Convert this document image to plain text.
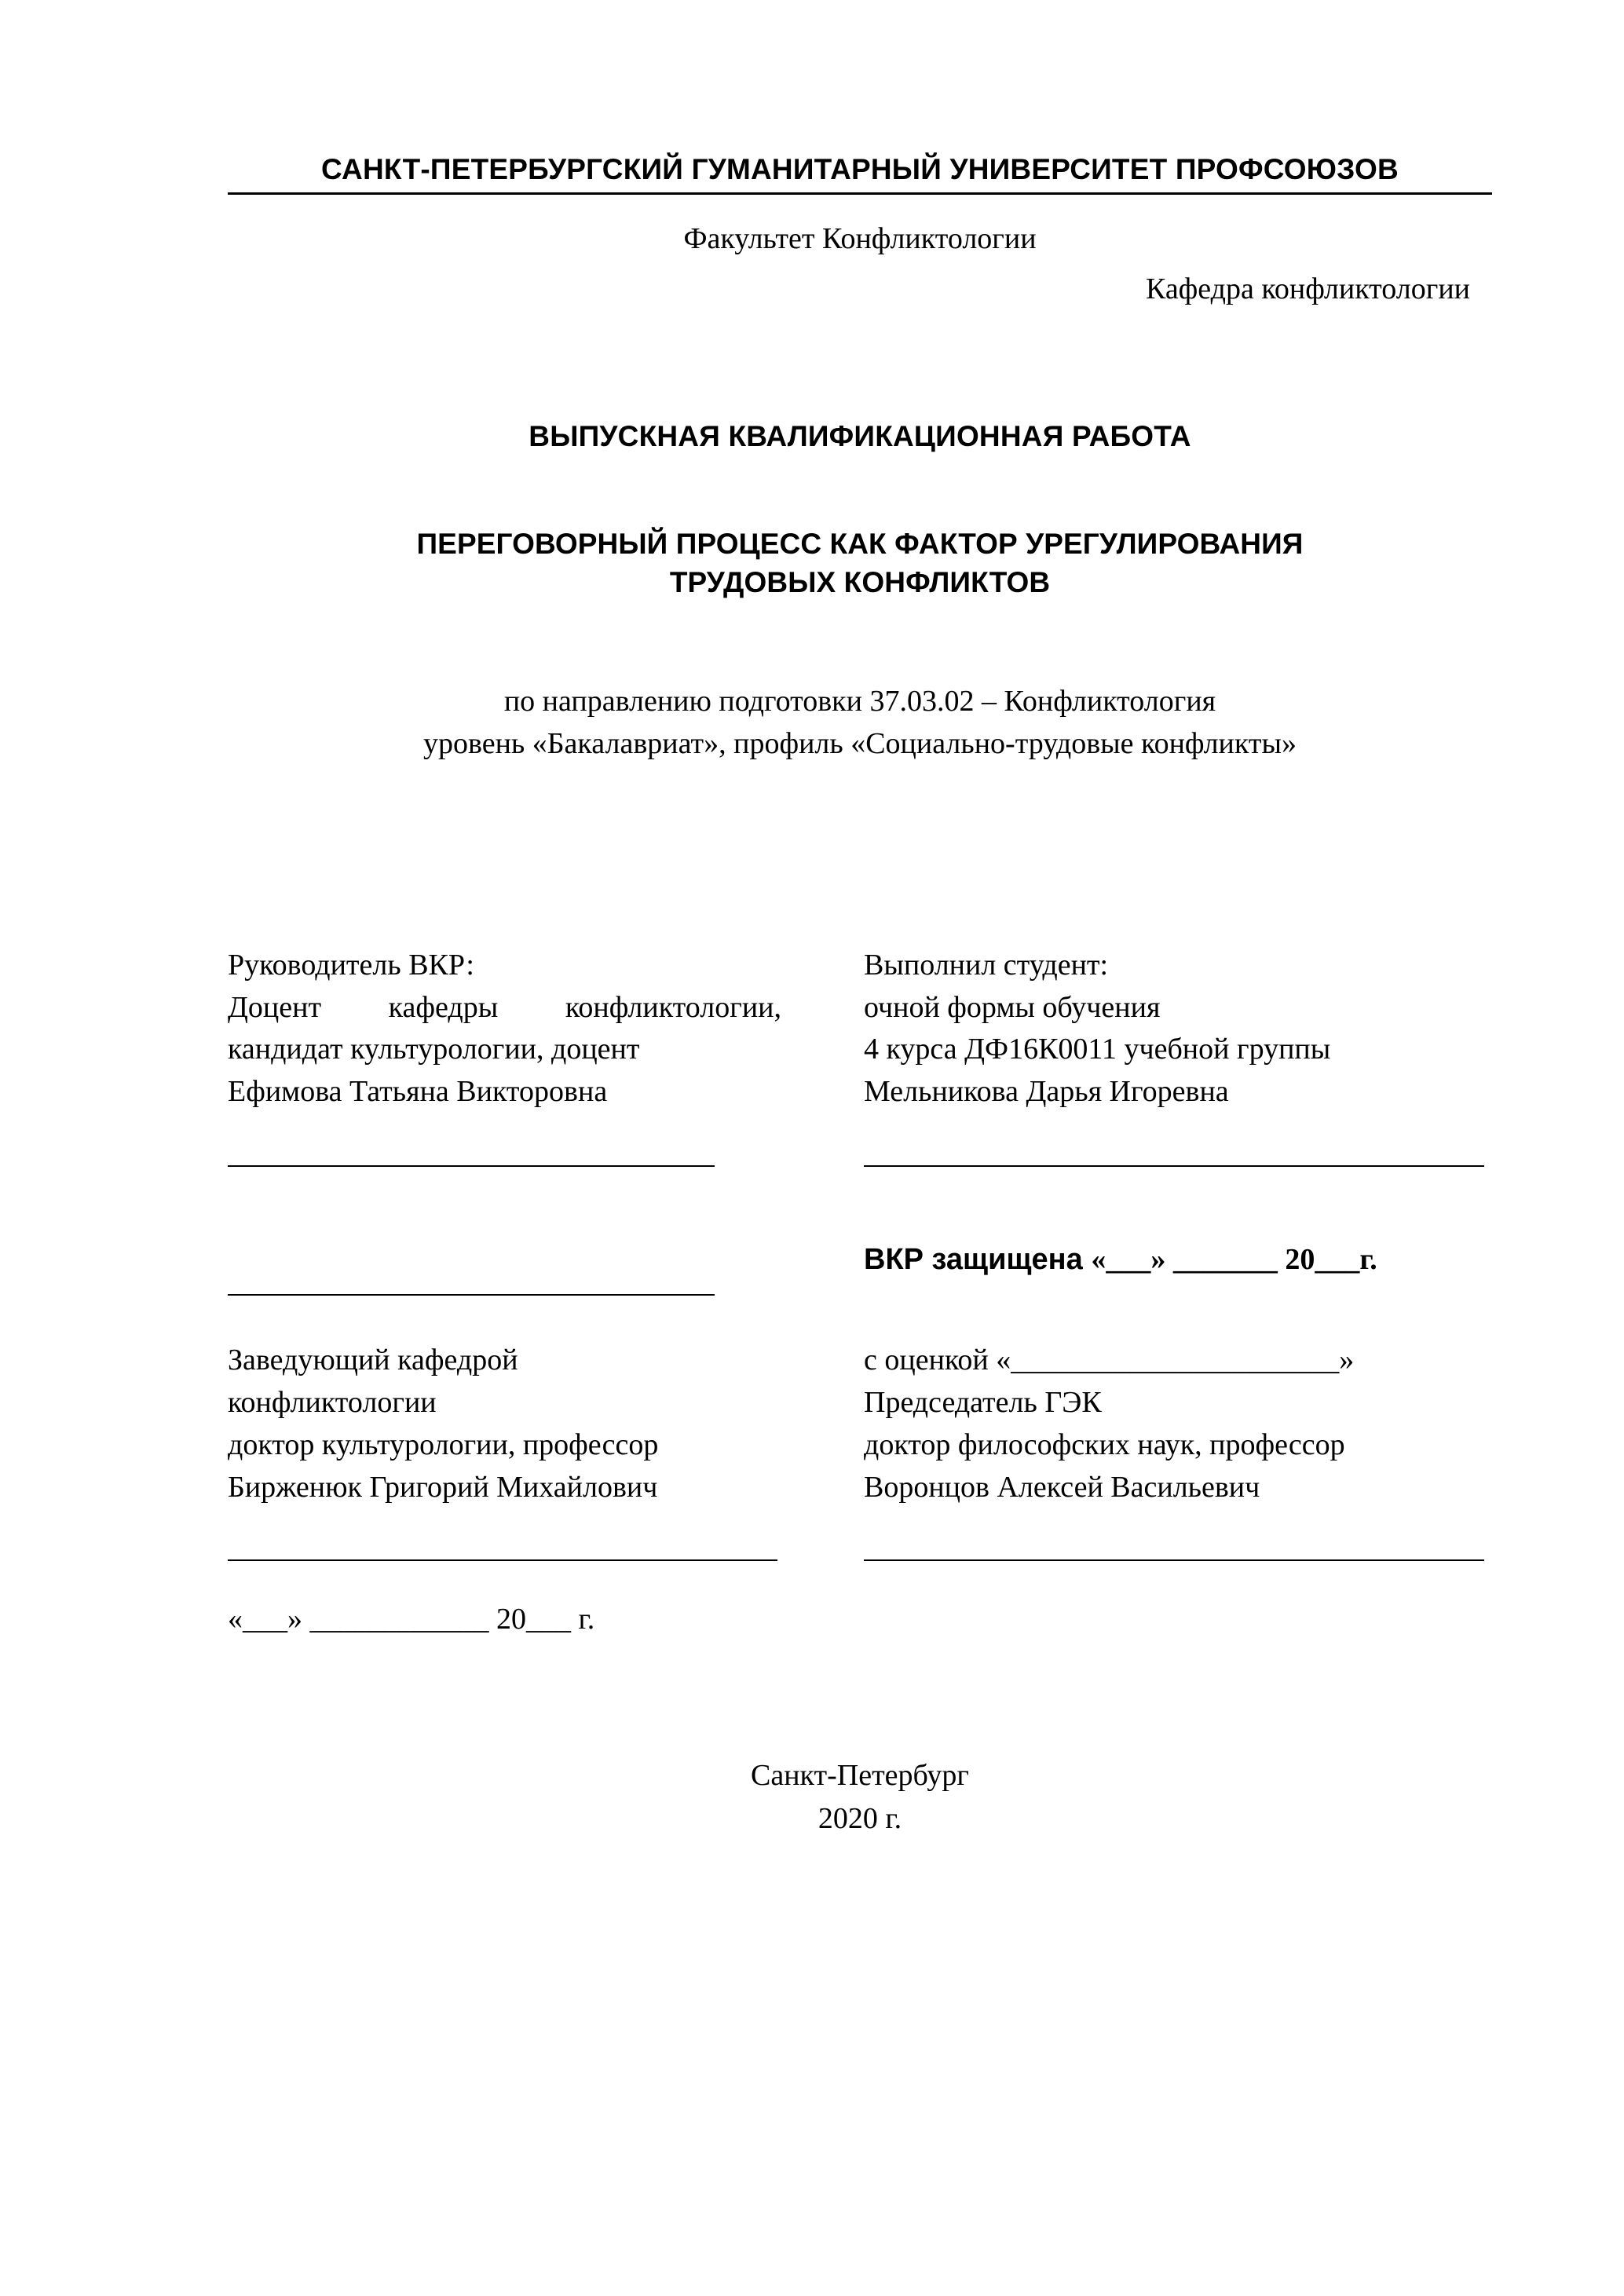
САНКТ-ПЕТЕРБУРГСКИЙ ГУМАНИТАРНЫЙ УНИВЕРСИТЕТ ПРОФСОЮЗОВ
Факультет Конфликтологии
Кафедра конфликтологии
ВЫПУСКНАЯ КВАЛИФИКАЦИОННАЯ РАБОТА
ПЕРЕГОВОРНЫЙ ПРОЦЕСС КАК ФАКТОР УРЕГУЛИРОВАНИЯ
ТРУДОВЫХ КОНФЛИКТОВ
по направлению подготовки 37.03.02 – Конфликтология
уровень «Бакалавриат», профиль «Социально-трудовые конфликты»
Руководитель ВКР:
Доцент кафедры конфликтологии,
кандидат культурологии, доцент
Ефимова Татьяна Викторовна
Выполнил студент:
очной формы обучения
4 курса ДФ16К0011 учебной группы
Мельникова Дарья Игоревна
ВКР защищена «___» _______ 20___г.
Заведующий кафедрой
конфликтологии
доктор культурологии, профессор
Бирженюк Григорий Михайлович
«___» ____________ 20___ г.
с оценкой «______________________»
Председатель ГЭК
доктор философских наук, профессор
Воронцов Алексей Васильевич
Санкт-Петербург
2020 г.
